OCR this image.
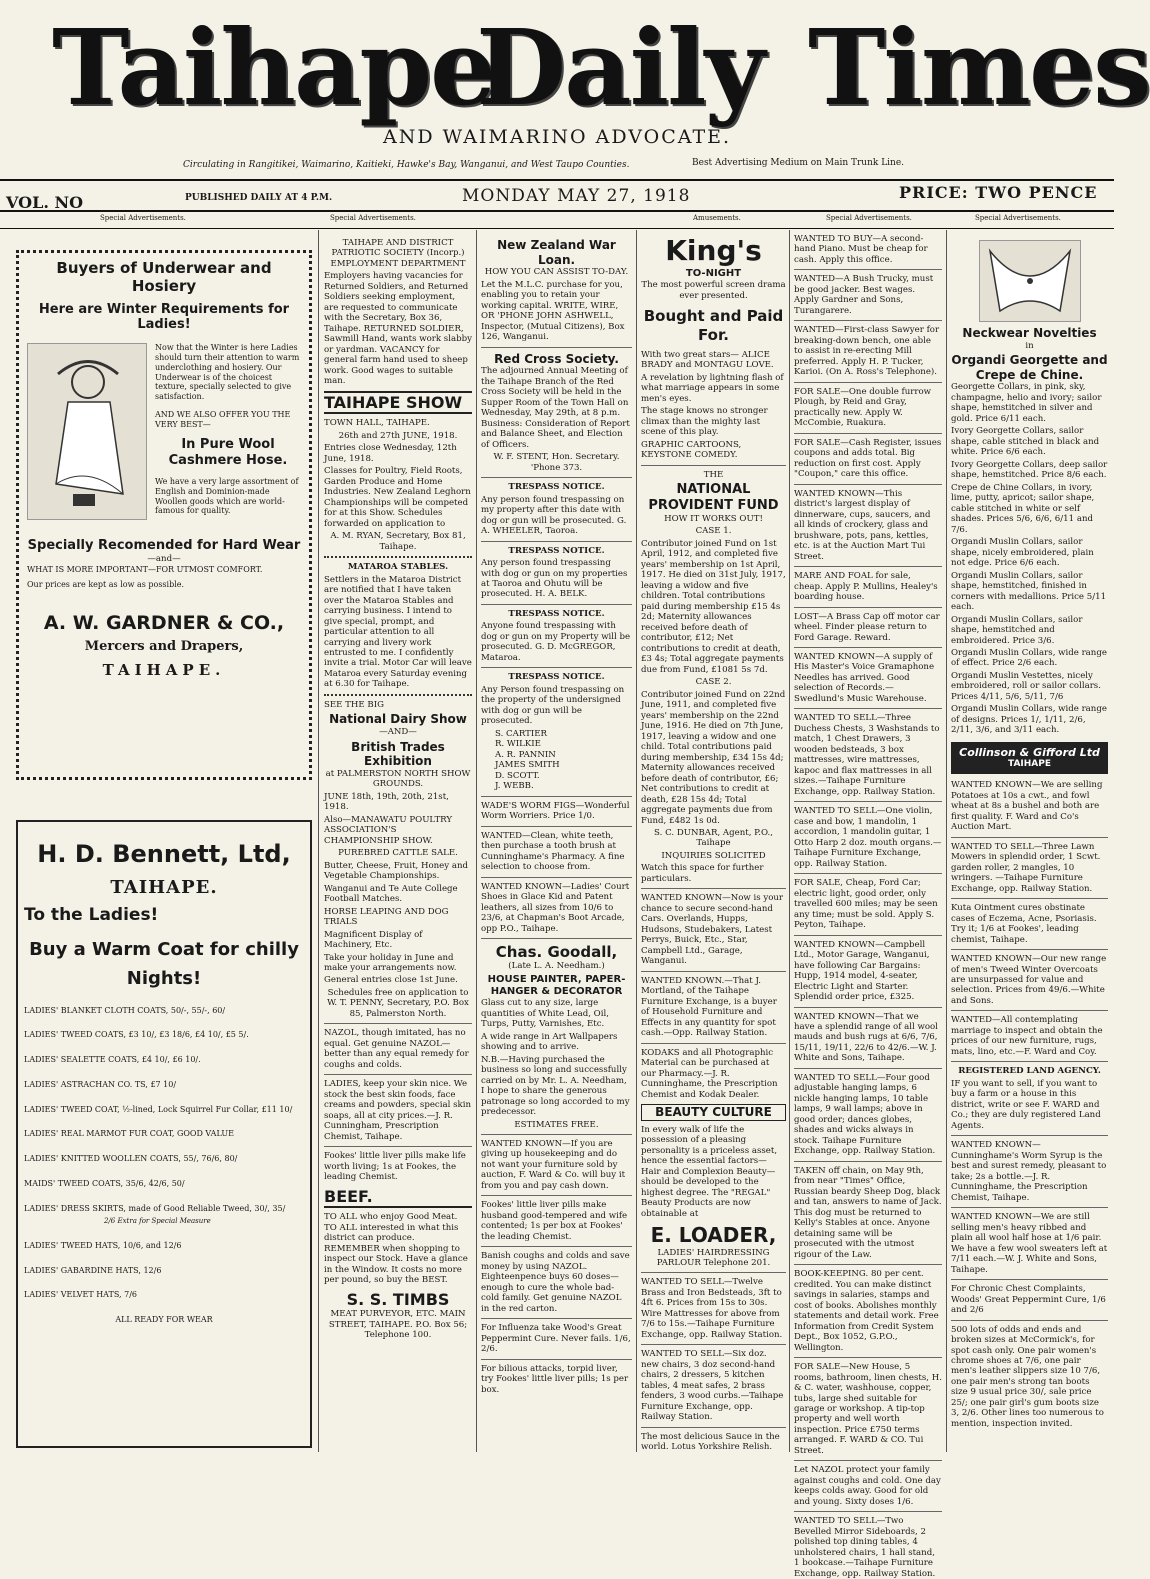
Taihape
Daily Times
AND WAIMARINO ADVOCATE.
Circulating in Rangitikei, Waimarino, Kaitieki, Hawke's Bay, Wanganui, and West Taupo Counties.	Best Advertising Medium on Main Trunk Line.
VOL. NO	PUBLISHED DAILY AT 4 P.M.	MONDAY MAY 27, 1918	PRICE: TWO PENCE
Special Advertisements.	Special Advertisements.	Amusements.	Special Advertisements.	Special Advertisements.
Buyers of Underwear and Hosiery
Here are Winter Requirements for Ladies!

Now that the Winter is here Ladies should turn their attention to warm underclothing and hosiery. Our Underwear is of the choicest texture, specially selected to give satisfaction.

AND WE ALSO OFFER YOU THE VERY BEST—

In Pure Wool Cashmere Hose.

We have a very large assortment of English and Dominion-made Woollen goods which are world-famous for quality.

Specially Recomended for Hard Wear
—and—
WHAT IS MORE IMPORTANT—FOR UTMOST COMFORT.
Our prices are kept as low as possible.
A. W. GARDNER & CO.,
Mercers and Drapers,
TAIHAPE.
H. D. Bennett, Ltd,
TAIHAPE.
To the Ladies!
Buy a Warm Coat for chilly Nights!
LADIES' BLANKET CLOTH COATS, 50/-, 55/-, 60/
LADIES' TWEED COATS, £3 10/, £3 18/6, £4 10/, £5 5/.
LADIES' SEALETTE COATS, £4 10/, £6 10/.
LADIES' ASTRACHAN CO. TS, £7 10/
LADIES' TWEED COAT, ½-lined, Lock Squirrel Fur Collar, £11 10/
LADIES' REAL MARMOT FUR COAT, GOOD VALUE
LADIES' KNITTED WOOLLEN COATS, 55/, 76/6, 80/
MAIDS' TWEED COATS, 35/6, 42/6, 50/
LADIES' DRESS SKIRTS, made of Good Reliable Tweed, 30/, 35/
2/6 Extra for Special Measure
LADIES' TWEED HATS, 10/6, and 12/6
LADIES' GABARDINE HATS, 12/6
LADIES' VELVET HATS, 7/6
ALL READY FOR WEAR

TAIHAPE AND DISTRICT PATRIOTIC SOCIETY (Incorp.) EMPLOYMENT DEPARTMENT

Employers having vacancies for Returned Soldiers, and Returned Soldiers seeking employment, are requested to communicate with the Secretary, Box 36, Taihape. RETURNED SOLDIER, Sawmill Hand, wants work slabby or yardman. VACANCY for general farm hand used to sheep work. Good wages to suitable man.

TAIHAPE SHOW

TOWN HALL, TAIHAPE.

26th and 27th JUNE, 1918.

Entries close Wednesday, 12th June, 1918.

Classes for Poultry, Field Roots, Garden Produce and Home Industries. New Zealand Leghorn Championships will be competed for at this Show. Schedules forwarded on application to

A. M. RYAN, Secretary, Box 81, Taihape.

MATAROA STABLES.

Settlers in the Mataroa District are notified that I have taken over the Mataroa Stables and carrying business. I intend to give special, prompt, and particular attention to all carrying and livery work entrusted to me. I confidently invite a trial. Motor Car will leave Mataroa every Saturday evening at 6.30 for Taihape.

SEE THE BIG

National Dairy Show

—AND—

British Trades Exhibition

at PALMERSTON NORTH SHOW GROUNDS.

JUNE 18th, 19th, 20th, 21st, 1918.

Also—MANAWATU POULTRY ASSOCIATION'S CHAMPIONSHIP SHOW.

PUREBRED CATTLE SALE.

Butter, Cheese, Fruit, Honey and Vegetable Championships.

Wanganui and Te Aute College Football Matches.

HORSE LEAPING AND DOG TRIALS

Magnificent Display of Machinery, Etc.

Take your holiday in June and make your arrangements now.

General entries close 1st June.

Schedules free on application to W. T. PENNY, Secretary, P.O. Box 85, Palmerston North.

NAZOL, though imitated, has no equal. Get genuine NAZOL—better than any equal remedy for coughs and colds.

LADIES, keep your skin nice. We stock the best skin foods, face creams and powders, special skin soaps, all at city prices.—J. R. Cunningham, Prescription Chemist, Taihape.

Fookes' little liver pills make life worth living; 1s at Fookes, the leading Chemist.

BEEF.

TO ALL who enjoy Good Meat. TO ALL interested in what this district can produce. REMEMBER when shopping to inspect our Stock. Have a glance in the Window. It costs no more per pound, so buy the BEST.

S. S. TIMBS

MEAT PURVEYOR, ETC. MAIN STREET, TAIHAPE. P.O. Box 56; Telephone 100.

New Zealand War Loan.

HOW YOU CAN ASSIST TO-DAY.

Let the M.L.C. purchase for you, enabling you to retain your working capital. WRITE, WIRE, OR 'PHONE JOHN ASHWELL, Inspector, (Mutual Citizens), Box 126, Wanganui.

Red Cross Society.

The adjourned Annual Meeting of the Taihape Branch of the Red Cross Society will be held in the Supper Room of the Town Hall on Wednesday, May 29th, at 8 p.m. Business: Consideration of Report and Balance Sheet, and Election of Officers.

W. F. STENT, Hon. Secretary. 'Phone 373.

TRESPASS NOTICE.

Any person found trespassing on my property after this date with dog or gun will be prosecuted. G. A. WHEELER, Taoroa.

TRESPASS NOTICE.

Any person found trespassing with dog or gun on my properties at Taoroa and Ohutu will be prosecuted. H. A. BELK.

TRESPASS NOTICE.

Anyone found trespassing with dog or gun on my Property will be prosecuted. G. D. McGREGOR, Mataroa.

TRESPASS NOTICE.

Any Person found trespassing on the property of the undersigned with dog or gun will be prosecuted.

S. CARTIER
R. WILKIE
A. R. PANNIN
JAMES SMITH
D. SCOTT.
J. WEBB.

WADE'S WORM FIGS—Wonderful Worm Worriers. Price 1/0.

WANTED—Clean, white teeth, then purchase a tooth brush at Cunninghame's Pharmacy. A fine selection to choose from.

WANTED KNOWN—Ladies' Court Shoes in Glace Kid and Patent leathers, all sizes from 10/6 to 23/6, at Chapman's Boot Arcade, opp P.O., Taihape.

Chas. Goodall,

(Late L. A. Needham.)

HOUSE PAINTER, PAPER-HANGER & DECORATOR

Glass cut to any size, large quantities of White Lead, Oil, Turps, Putty, Varnishes, Etc.

A wide range in Art Wallpapers showing and to arrive.

N.B.—Having purchased the business so long and successfully carried on by Mr. L. A. Needham, I hope to share the generous patronage so long accorded to my predecessor.

ESTIMATES FREE.

WANTED KNOWN—If you are giving up housekeeping and do not want your furniture sold by auction, F. Ward & Co. will buy it from you and pay cash down.

Fookes' little liver pills make husband good-tempered and wife contented; 1s per box at Fookes' the leading Chemist.

Banish coughs and colds and save money by using NAZOL. Eighteenpence buys 60 doses—enough to cure the whole bad-cold family. Get genuine NAZOL in the red carton.

For Influenza take Wood's Great Peppermint Cure. Never fails. 1/6, 2/6.

For bilious attacks, torpid liver, try Fookes' little liver pills; 1s per box.

King's
TO-NIGHT

The most powerful screen drama ever presented.

Bought and Paid For.

With two great stars— ALICE BRADY and MONTAGU LOVE.

A revelation by lightning flash of what marriage appears in some men's eyes.

The stage knows no stronger climax than the mighty last scene of this play.

GRAPHIC CARTOONS, KEYSTONE COMEDY.

THE

NATIONAL PROVIDENT FUND

HOW IT WORKS OUT!

CASE 1.

Contributor joined Fund on 1st April, 1912, and completed five years' membership on 1st April, 1917. He died on 31st July, 1917, leaving a widow and five children. Total contributions paid during membership £15 4s 2d; Maternity allowances received before death of contributor, £12; Net contributions to credit at death, £3 4s; Total aggregate payments due from Fund, £1081 5s 7d.

CASE 2.

Contributor joined Fund on 22nd June, 1911, and completed five years' membership on the 22nd June, 1916. He died on 7th June, 1917, leaving a widow and one child. Total contributions paid during membership, £34 15s 4d; Maternity allowances received before death of contributor, £6; Net contributions to credit at death, £28 15s 4d; Total aggregate payments due from Fund, £482 1s 0d.

S. C. DUNBAR, Agent, P.O., Taihape

INQUIRIES SOLICITED

Watch this space for further particulars.

WANTED KNOWN—Now is your chance to secure second-hand Cars. Overlands, Hupps, Hudsons, Studebakers, Latest Perrys, Buick, Etc., Star, Campbell Ltd., Garage, Wanganui.

WANTED KNOWN.—That J. Mortland, of the Taihape Furniture Exchange, is a buyer of Household Furniture and Effects in any quantity for spot cash.—Opp. Railway Station.

KODAKS and all Photographic Material can be purchased at our Pharmacy.—J. R. Cunninghame, the Prescription Chemist and Kodak Dealer.

BEAUTY CULTURE

In every walk of life the possession of a pleasing personality is a priceless asset, hence the essential factors—Hair and Complexion Beauty—should be developed to the highest degree. The "REGAL" Beauty Products are now obtainable at

E. LOADER,

LADIES' HAIRDRESSING PARLOUR Telephone 201.

WANTED TO SELL—Twelve Brass and Iron Bedsteads, 3ft to 4ft 6. Prices from 15s to 30s. Wire Mattresses for above from 7/6 to 15s.—Taihape Furniture Exchange, opp. Railway Station.

WANTED TO SELL—Six doz. new chairs, 3 doz second-hand chairs, 2 dressers, 5 kitchen tables, 4 meat safes, 2 brass fenders, 3 wood curbs.—Taihape Furniture Exchange, opp. Railway Station.

The most delicious Sauce in the world. Lotus Yorkshire Relish.

WANTED TO BUY—A second-hand Piano. Must be cheap for cash. Apply this office.

WANTED—A Bush Trucky, must be good jacker. Best wages. Apply Gardner and Sons, Turangarere.

WANTED—First-class Sawyer for breaking-down bench, one able to assist in re-erecting Mill preferred. Apply H. P. Tucker, Karioi. (On A. Ross's Telephone).

FOR SALE—One double furrow Plough, by Reid and Gray, practically new. Apply W. McCombie, Ruakura.

FOR SALE—Cash Register, issues coupons and adds total. Big reduction on first cost. Apply "Coupon," care this office.

WANTED KNOWN—This district's largest display of dinnerware, cups, saucers, and all kinds of crockery, glass and brushware, pots, pans, kettles, etc. is at the Auction Mart Tui Street.

MARE AND FOAL for sale, cheap. Apply P. Mullins, Healey's boarding house.

LOST—A Brass Cap off motor car wheel. Finder please return to Ford Garage. Reward.

WANTED KNOWN—A supply of His Master's Voice Gramaphone Needles has arrived. Good selection of Records.—Swedlund's Music Warehouse.

WANTED TO SELL—Three Duchess Chests, 3 Washstands to match, 1 Chest Drawers, 3 wooden bedsteads, 3 box mattresses, wire mattresses, kapoc and flax mattresses in all sizes.—Taihape Furniture Exchange, opp. Railway Station.

WANTED TO SELL—One violin, case and bow, 1 mandolin, 1 accordion, 1 mandolin guitar, 1 Otto Harp 2 doz. mouth organs.—Taihape Furniture Exchange, opp. Railway Station.

FOR SALE, Cheap, Ford Car; electric light, good order, only travelled 600 miles; may be seen any time; must be sold. Apply S. Peyton, Taihape.

WANTED KNOWN—Campbell Ltd., Motor Garage, Wanganui, have following Car Bargains: Hupp, 1914 model, 4-seater, Electric Light and Starter. Splendid order price, £325.

WANTED KNOWN—That we have a splendid range of all wool mauds and bush rugs at 6/6, 7/6, 15/11, 19/11, 22/6 to 42/6.—W. J. White and Sons, Taihape.

WANTED TO SELL—Four good adjustable hanging lamps, 6 nickle hanging lamps, 10 table lamps, 9 wall lamps; above in good order; dances globes, shades and wicks always in stock. Taihape Furniture Exchange, opp. Railway Station.

TAKEN off chain, on May 9th, from near "Times" Office, Russian beardy Sheep Dog, black and tan, answers to name of Jack. This dog must be returned to Kelly's Stables at once. Anyone detaining same will be prosecuted with the utmost rigour of the Law.

BOOK-KEEPING. 80 per cent. credited. You can make distinct savings in salaries, stamps and cost of books. Abolishes monthly statements and detail work. Free Information from Credit System Dept., Box 1052, G.P.O., Wellington.

FOR SALE—New House, 5 rooms, bathroom, linen chests, H. & C. water, washhouse, copper, tubs, large shed suitable for garage or workshop. A tip-top property and well worth inspection. Price £750 terms arranged. F. WARD & CO. Tui Street.

Let NAZOL protect your family against coughs and cold. One day keeps colds away. Good for old and young. Sixty doses 1/6.

WANTED TO SELL—Two Bevelled Mirror Sideboards, 2 polished top dining tables, 4 unholstered chairs, 1 hall stand, 1 bookcase.—Taihape Furniture Exchange, opp. Railway Station.

Neckwear Novelties

in

Organdi Georgette and Crepe de Chine.

Georgette Collars, in pink, sky, champagne, helio and ivory; sailor shape, hemstitched in silver and gold. Price 6/11 each.

Ivory Georgette Collars, sailor shape, cable stitched in black and white. Price 6/6 each.

Ivory Georgette Collars, deep sailor shape, hemstitched. Price 8/6 each.

Crepe de Chine Collars, in ivory, lime, putty, apricot; sailor shape, cable stitched in white or self shades. Prices 5/6, 6/6, 6/11 and 7/6.

Organdi Muslin Collars, sailor shape, nicely embroidered, plain not edge. Price 6/6 each.

Organdi Muslin Collars, sailor shape, hemstitched, finished in corners with medallions. Price 5/11 each.

Organdi Muslin Collars, sailor shape, hemstitched and embroidered. Price 3/6.

Organdi Muslin Collars, wide range of effect. Price 2/6 each.

Organdi Muslin Vestettes, nicely embroidered, roll or sailor collars. Prices 4/11, 5/6, 5/11, 7/6

Organdi Muslin Collars, wide range of designs. Prices 1/, 1/11, 2/6, 2/11, 3/6, and 3/11 each.

Collinson & Gifford Ltd
TAIHAPE

WANTED KNOWN—We are selling Potatoes at 10s a cwt., and fowl wheat at 8s a bushel and both are first quality. F. Ward and Co's Auction Mart.

WANTED TO SELL—Three Lawn Mowers in splendid order, 1 Scwt. garden roller, 2 mangles, 10 wringers. —Taihape Furniture Exchange, opp. Railway Station.

Kuta Ointment cures obstinate cases of Eczema, Acne, Psoriasis. Try it; 1/6 at Fookes', leading chemist, Taihape.

WANTED KNOWN—Our new range of men's Tweed Winter Overcoats are unsurpassed for value and selection. Prices from 49/6.—White and Sons.

WANTED—All contemplating marriage to inspect and obtain the prices of our new furniture, rugs, mats, lino, etc.—F. Ward and Coy.

REGISTERED LAND AGENCY.

IF you want to sell, if you want to buy a farm or a house in this district, write or see F. WARD and Co.; they are duly registered Land Agents.

WANTED KNOWN—Cunninghame's Worm Syrup is the best and surest remedy, pleasant to take; 2s a bottle.—J. R. Cunninghame, the Prescription Chemist, Taihape.

WANTED KNOWN—We are still selling men's heavy ribbed and plain all wool half hose at 1/6 pair. We have a few wool sweaters left at 7/11 each.—W. J. White and Sons, Taihape.

For Chronic Chest Complaints, Woods' Great Peppermint Cure, 1/6 and 2/6

500 lots of odds and ends and broken sizes at McCormick's, for spot cash only. One pair women's chrome shoes at 7/6, one pair men's leather slippers size 10 7/6, one pair men's strong tan boots size 9 usual price 30/, sale price 25/; one pair girl's gum boots size 3, 2/6. Other lines too numerous to mention, inspection invited.
